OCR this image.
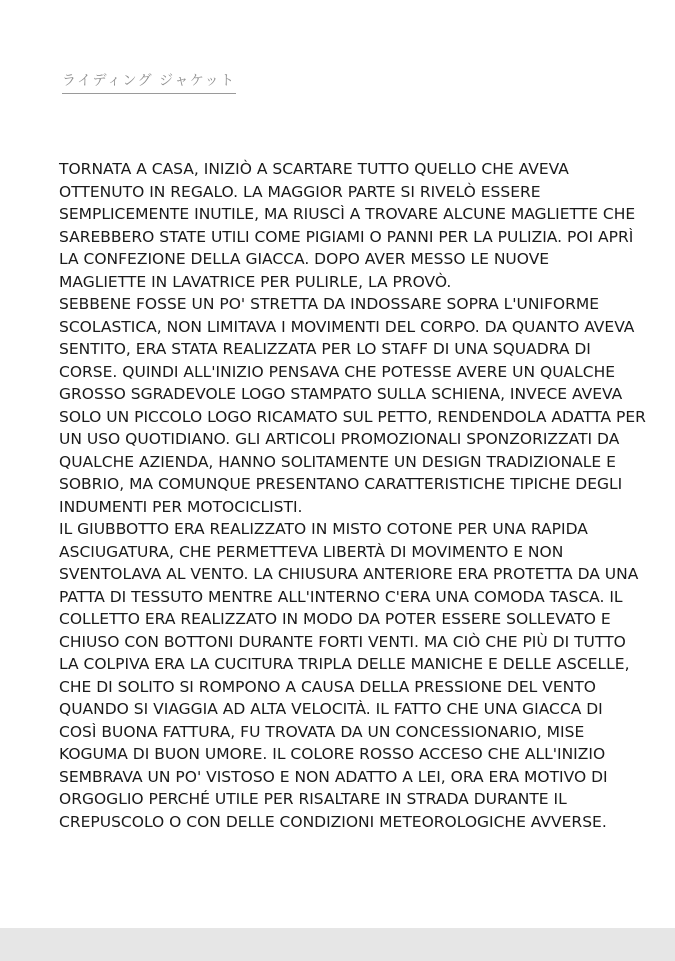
ライディング ジャケット
TORNATA A CASA, INIZIÒ A SCARTARE TUTTO QUELLO CHE AVEVA
OTTENUTO IN REGALO. LA MAGGIOR PARTE SI RIVELÒ ESSERE
SEMPLICEMENTE INUTILE, MA RIUSCÌ A TROVARE ALCUNE MAGLIETTE CHE
SAREBBERO STATE UTILI COME PIGIAMI O PANNI PER LA PULIZIA. POI APRÌ
LA CONFEZIONE DELLA GIACCA. DOPO AVER MESSO LE NUOVE
MAGLIETTE IN LAVATRICE PER PULIRLE, LA PROVÒ.
SEBBENE FOSSE UN PO' STRETTA DA INDOSSARE SOPRA L'UNIFORME
SCOLASTICA, NON LIMITAVA I MOVIMENTI DEL CORPO. DA QUANTO AVEVA
SENTITO, ERA STATA REALIZZATA PER LO STAFF DI UNA SQUADRA DI
CORSE. QUINDI ALL'INIZIO PENSAVA CHE POTESSE AVERE UN QUALCHE
GROSSO SGRADEVOLE LOGO STAMPATO SULLA SCHIENA, INVECE AVEVA
SOLO UN PICCOLO LOGO RICAMATO SUL PETTO, RENDENDOLA ADATTA PER
UN USO QUOTIDIANO. GLI ARTICOLI PROMOZIONALI SPONZORIZZATI DA
QUALCHE AZIENDA, HANNO SOLITAMENTE UN DESIGN TRADIZIONALE E
SOBRIO, MA COMUNQUE PRESENTANO CARATTERISTICHE TIPICHE DEGLI
INDUMENTI PER MOTOCICLISTI.
IL GIUBBOTTO ERA REALIZZATO IN MISTO COTONE PER UNA RAPIDA
ASCIUGATURA, CHE PERMETTEVA LIBERTÀ DI MOVIMENTO E NON
SVENTOLAVA AL VENTO. LA CHIUSURA ANTERIORE ERA PROTETTA DA UNA
PATTA DI TESSUTO MENTRE ALL'INTERNO C'ERA UNA COMODA TASCA. IL
COLLETTO ERA REALIZZATO IN MODO DA POTER ESSERE SOLLEVATO E
CHIUSO CON BOTTONI DURANTE FORTI VENTI. MA CIÒ CHE PIÙ DI TUTTO
LA COLPIVA ERA LA CUCITURA TRIPLA DELLE MANICHE E DELLE ASCELLE,
CHE DI SOLITO SI ROMPONO A CAUSA DELLA PRESSIONE DEL VENTO
QUANDO SI VIAGGIA AD ALTA VELOCITÀ. IL FATTO CHE UNA GIACCA DI
COSÌ BUONA FATTURA, FU TROVATA DA UN CONCESSIONARIO, MISE
KOGUMA DI BUON UMORE. IL COLORE ROSSO ACCESO CHE ALL'INIZIO
SEMBRAVA UN PO' VISTOSO E NON ADATTO A LEI, ORA ERA MOTIVO DI
ORGOGLIO PERCHÉ UTILE PER RISALTARE IN STRADA DURANTE IL
CREPUSCOLO O CON DELLE CONDIZIONI METEOROLOGICHE AVVERSE.
